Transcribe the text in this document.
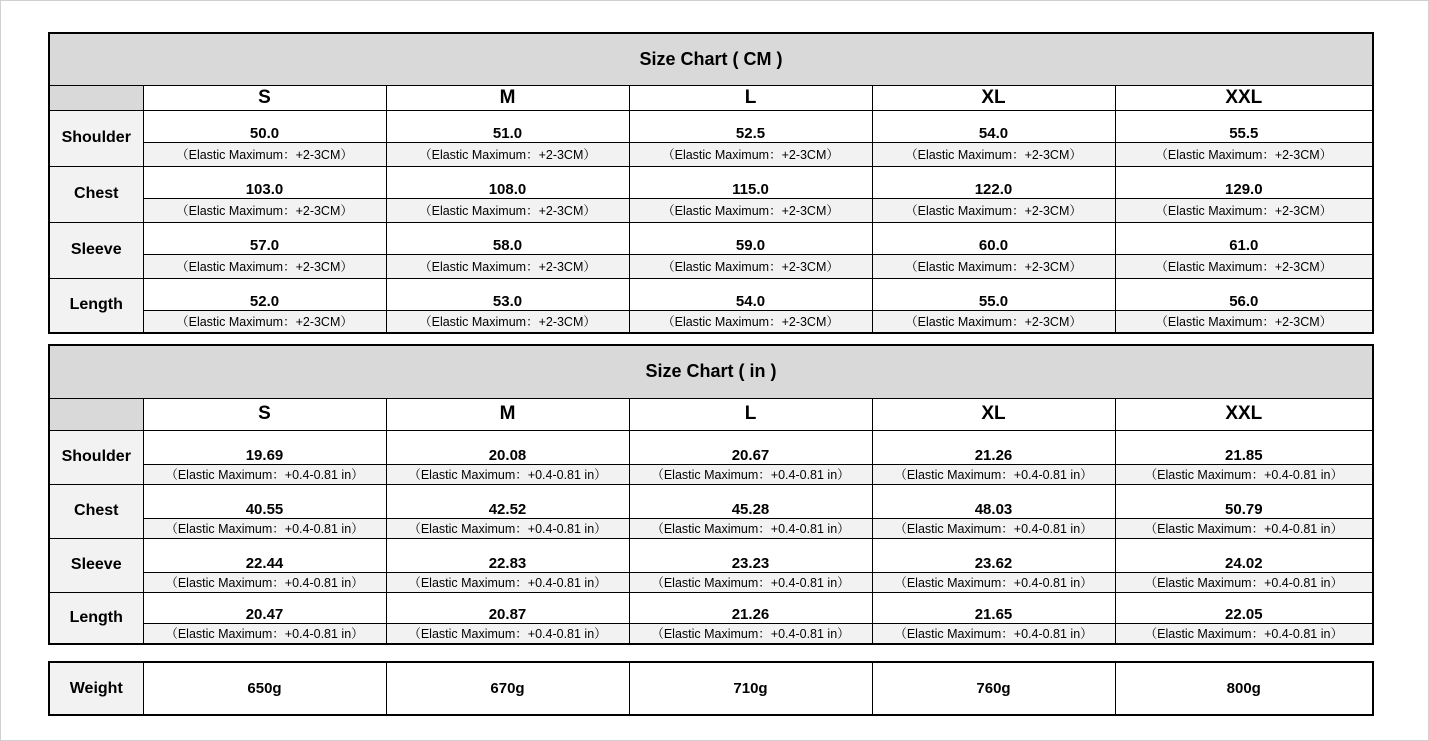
Size Chart ( CM )					
	S	M	L	XL	XXL
Shoulder	50.0	51.0	52.5	54.0	55.5
	（Elastic Maximum：+2-3CM）	（Elastic Maximum：+2-3CM）	（Elastic Maximum：+2-3CM）	（Elastic Maximum：+2-3CM）	（Elastic Maximum：+2-3CM）
Chest	103.0	108.0	115.0	122.0	129.0
	（Elastic Maximum：+2-3CM）	（Elastic Maximum：+2-3CM）	（Elastic Maximum：+2-3CM）	（Elastic Maximum：+2-3CM）	（Elastic Maximum：+2-3CM）
Sleeve	57.0	58.0	59.0	60.0	61.0
	（Elastic Maximum：+2-3CM）	（Elastic Maximum：+2-3CM）	（Elastic Maximum：+2-3CM）	（Elastic Maximum：+2-3CM）	（Elastic Maximum：+2-3CM）
Length	52.0	53.0	54.0	55.0	56.0
	（Elastic Maximum：+2-3CM）	（Elastic Maximum：+2-3CM）	（Elastic Maximum：+2-3CM）	（Elastic Maximum：+2-3CM）	（Elastic Maximum：+2-3CM）
Size Chart ( in )					
	S	M	L	XL	XXL
Shoulder	19.69	20.08	20.67	21.26	21.85
	（Elastic Maximum：+0.4-0.81 in）	（Elastic Maximum：+0.4-0.81 in）	（Elastic Maximum：+0.4-0.81 in）	（Elastic Maximum：+0.4-0.81 in）	（Elastic Maximum：+0.4-0.81 in）
Chest	40.55	42.52	45.28	48.03	50.79
	（Elastic Maximum：+0.4-0.81 in）	（Elastic Maximum：+0.4-0.81 in）	（Elastic Maximum：+0.4-0.81 in）	（Elastic Maximum：+0.4-0.81 in）	（Elastic Maximum：+0.4-0.81 in）
Sleeve	22.44	22.83	23.23	23.62	24.02
	（Elastic Maximum：+0.4-0.81 in）	（Elastic Maximum：+0.4-0.81 in）	（Elastic Maximum：+0.4-0.81 in）	（Elastic Maximum：+0.4-0.81 in）	（Elastic Maximum：+0.4-0.81 in）
Length	20.47	20.87	21.26	21.65	22.05
	（Elastic Maximum：+0.4-0.81 in）	（Elastic Maximum：+0.4-0.81 in）	（Elastic Maximum：+0.4-0.81 in）	（Elastic Maximum：+0.4-0.81 in）	（Elastic Maximum：+0.4-0.81 in）
Weight	650g	670g	710g	760g	800g
